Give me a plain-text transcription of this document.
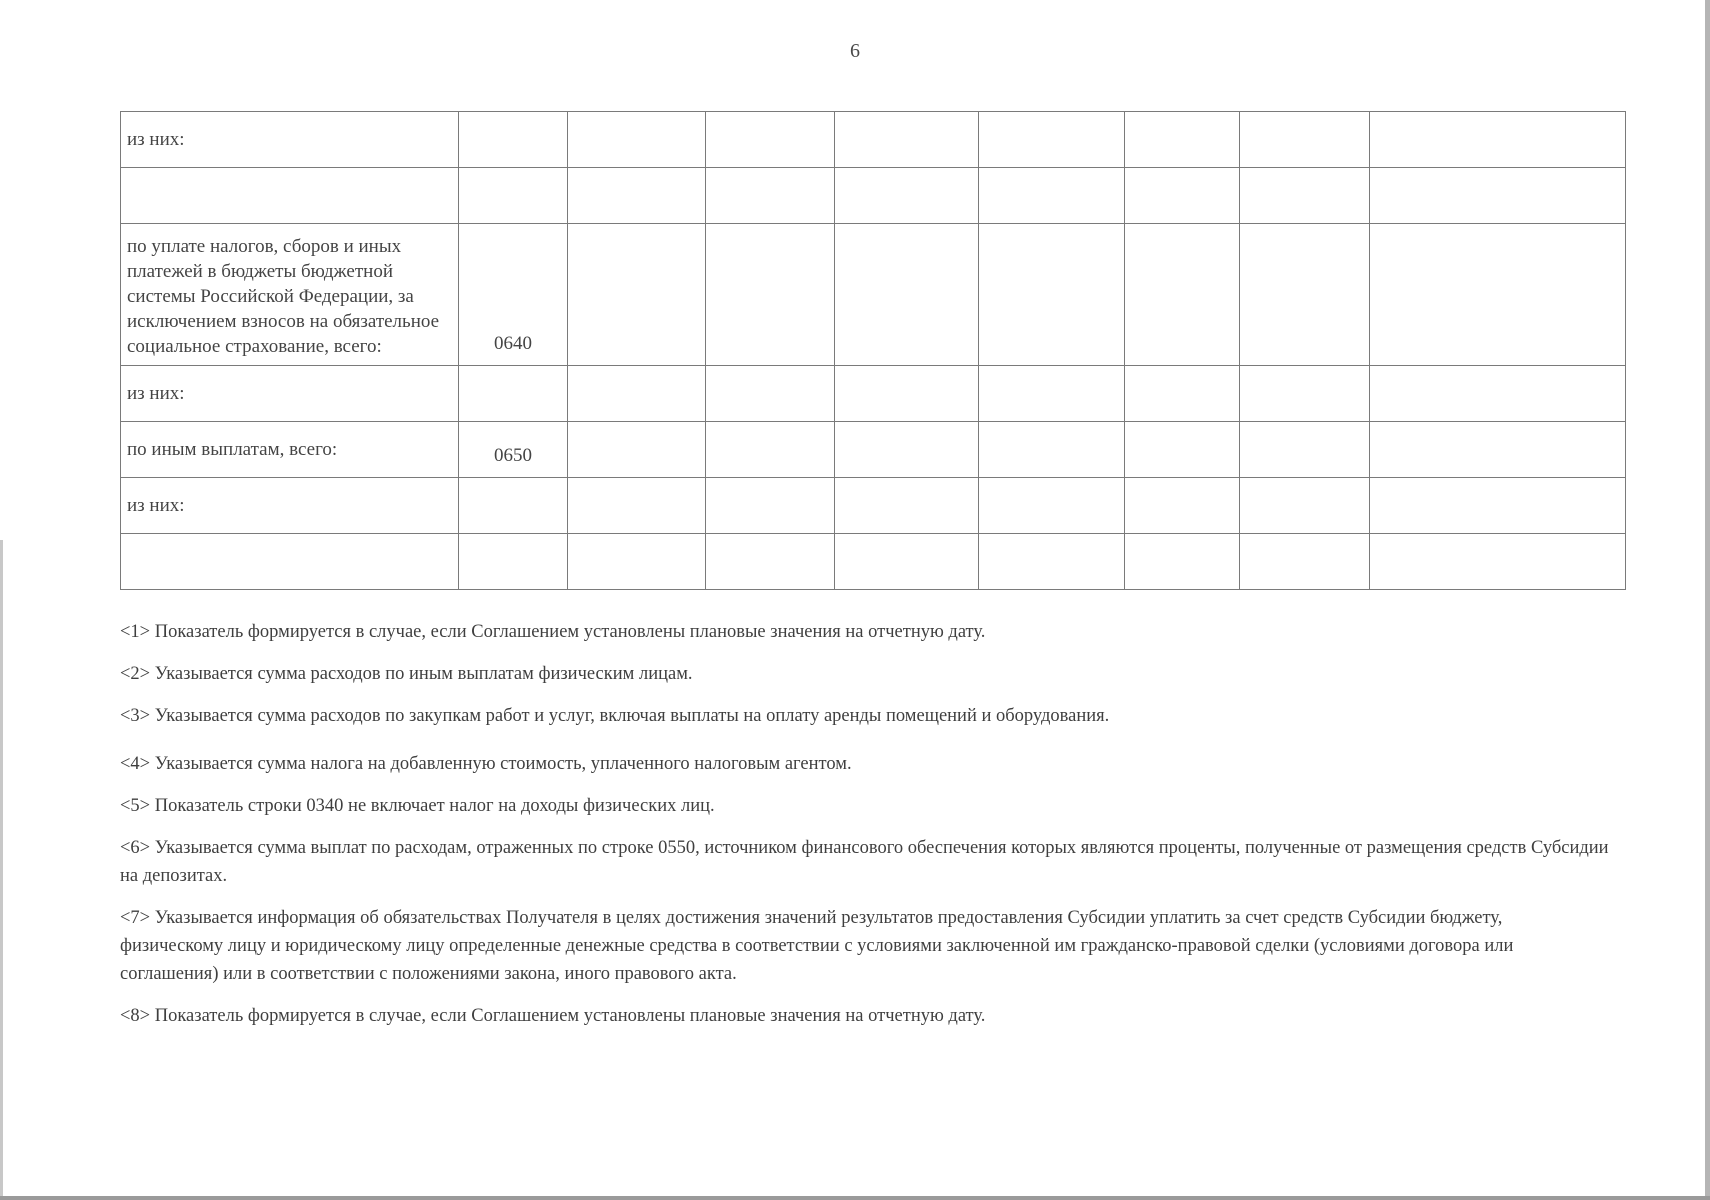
6
из них:								

по уплате налогов, сборов и иных платежей в бюджеты бюджетной системы Российской Федерации, за исключением взносов на обязательное социальное страхование, всего:	0640							
из них:								
по иным выплатам, всего:	0650							
из них:								

<1> Показатель формируется в случае, если Соглашением установлены плановые значения на отчетную дату.

<2> Указывается сумма расходов по иным выплатам физическим лицам.

<3> Указывается сумма расходов по закупкам работ и услуг, включая выплаты на оплату аренды помещений и оборудования.

<4> Указывается сумма налога на добавленную стоимость, уплаченного налоговым агентом.

<5> Показатель строки 0340 не включает налог на доходы физических лиц.

<6> Указывается сумма выплат по расходам, отраженных по строке 0550, источником финансового обеспечения которых являются проценты, полученные от размещения средств Субсидии на депозитах.

<7> Указывается информация об обязательствах Получателя в целях достижения значений результатов предоставления Субсидии уплатить за счет средств Субсидии бюджету, физическому лицу и юридическому лицу определенные денежные средства в соответствии с условиями заключенной им гражданско-правовой сделки (условиями договора или соглашения) или в соответствии с положениями закона, иного правового акта.

<8> Показатель формируется в случае, если Соглашением установлены плановые значения на отчетную дату.
